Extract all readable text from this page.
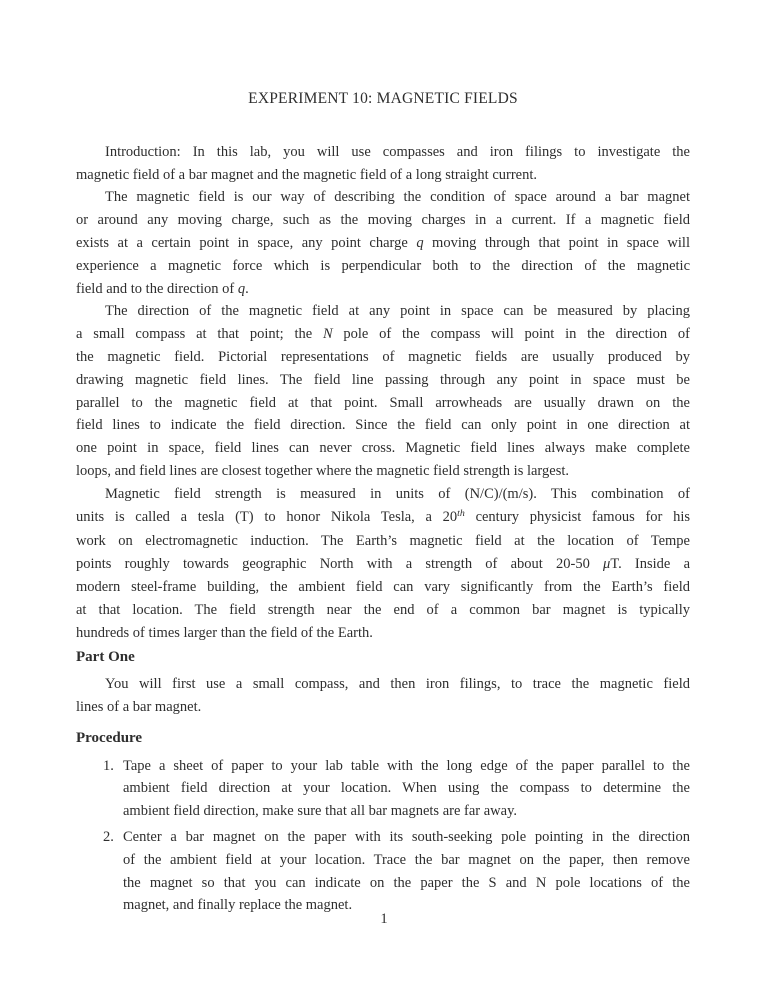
EXPERIMENT 10: MAGNETIC FIELDS
Introduction: In this lab, you will use compasses and iron filings to investigate the
magnetic field of a bar magnet and the magnetic field of a long straight current.
The magnetic field is our way of describing the condition of space around a bar magnet
or around any moving charge, such as the moving charges in a current. If a magnetic field
exists at a certain point in space, any point charge q moving through that point in space will
experience a magnetic force which is perpendicular both to the direction of the magnetic
field and to the direction of q.
The direction of the magnetic field at any point in space can be measured by placing
a small compass at that point; the N pole of the compass will point in the direction of
the magnetic field. Pictorial representations of magnetic fields are usually produced by
drawing magnetic field lines. The field line passing through any point in space must be
parallel to the magnetic field at that point. Small arrowheads are usually drawn on the
field lines to indicate the field direction. Since the field can only point in one direction at
one point in space, field lines can never cross. Magnetic field lines always make complete
loops, and field lines are closest together where the magnetic field strength is largest.
Magnetic field strength is measured in units of (N/C)/(m/s). This combination of
units is called a tesla (T) to honor Nikola Tesla, a 20th century physicist famous for his
work on electromagnetic induction. The Earth’s magnetic field at the location of Tempe
points roughly towards geographic North with a strength of about 20-50 μT. Inside a
modern steel-frame building, the ambient field can vary significantly from the Earth’s field
at that location. The field strength near the end of a common bar magnet is typically
hundreds of times larger than the field of the Earth.
Part One
You will first use a small compass, and then iron filings, to trace the magnetic field
lines of a bar magnet.
Procedure
1. Tape a sheet of paper to your lab table with the long edge of the paper parallel to the
ambient field direction at your location. When using the compass to determine the
ambient field direction, make sure that all bar magnets are far away.
2. Center a bar magnet on the paper with its south-seeking pole pointing in the direction
of the ambient field at your location. Trace the bar magnet on the paper, then remove
the magnet so that you can indicate on the paper the S and N pole locations of the
magnet, and finally replace the magnet.
1
